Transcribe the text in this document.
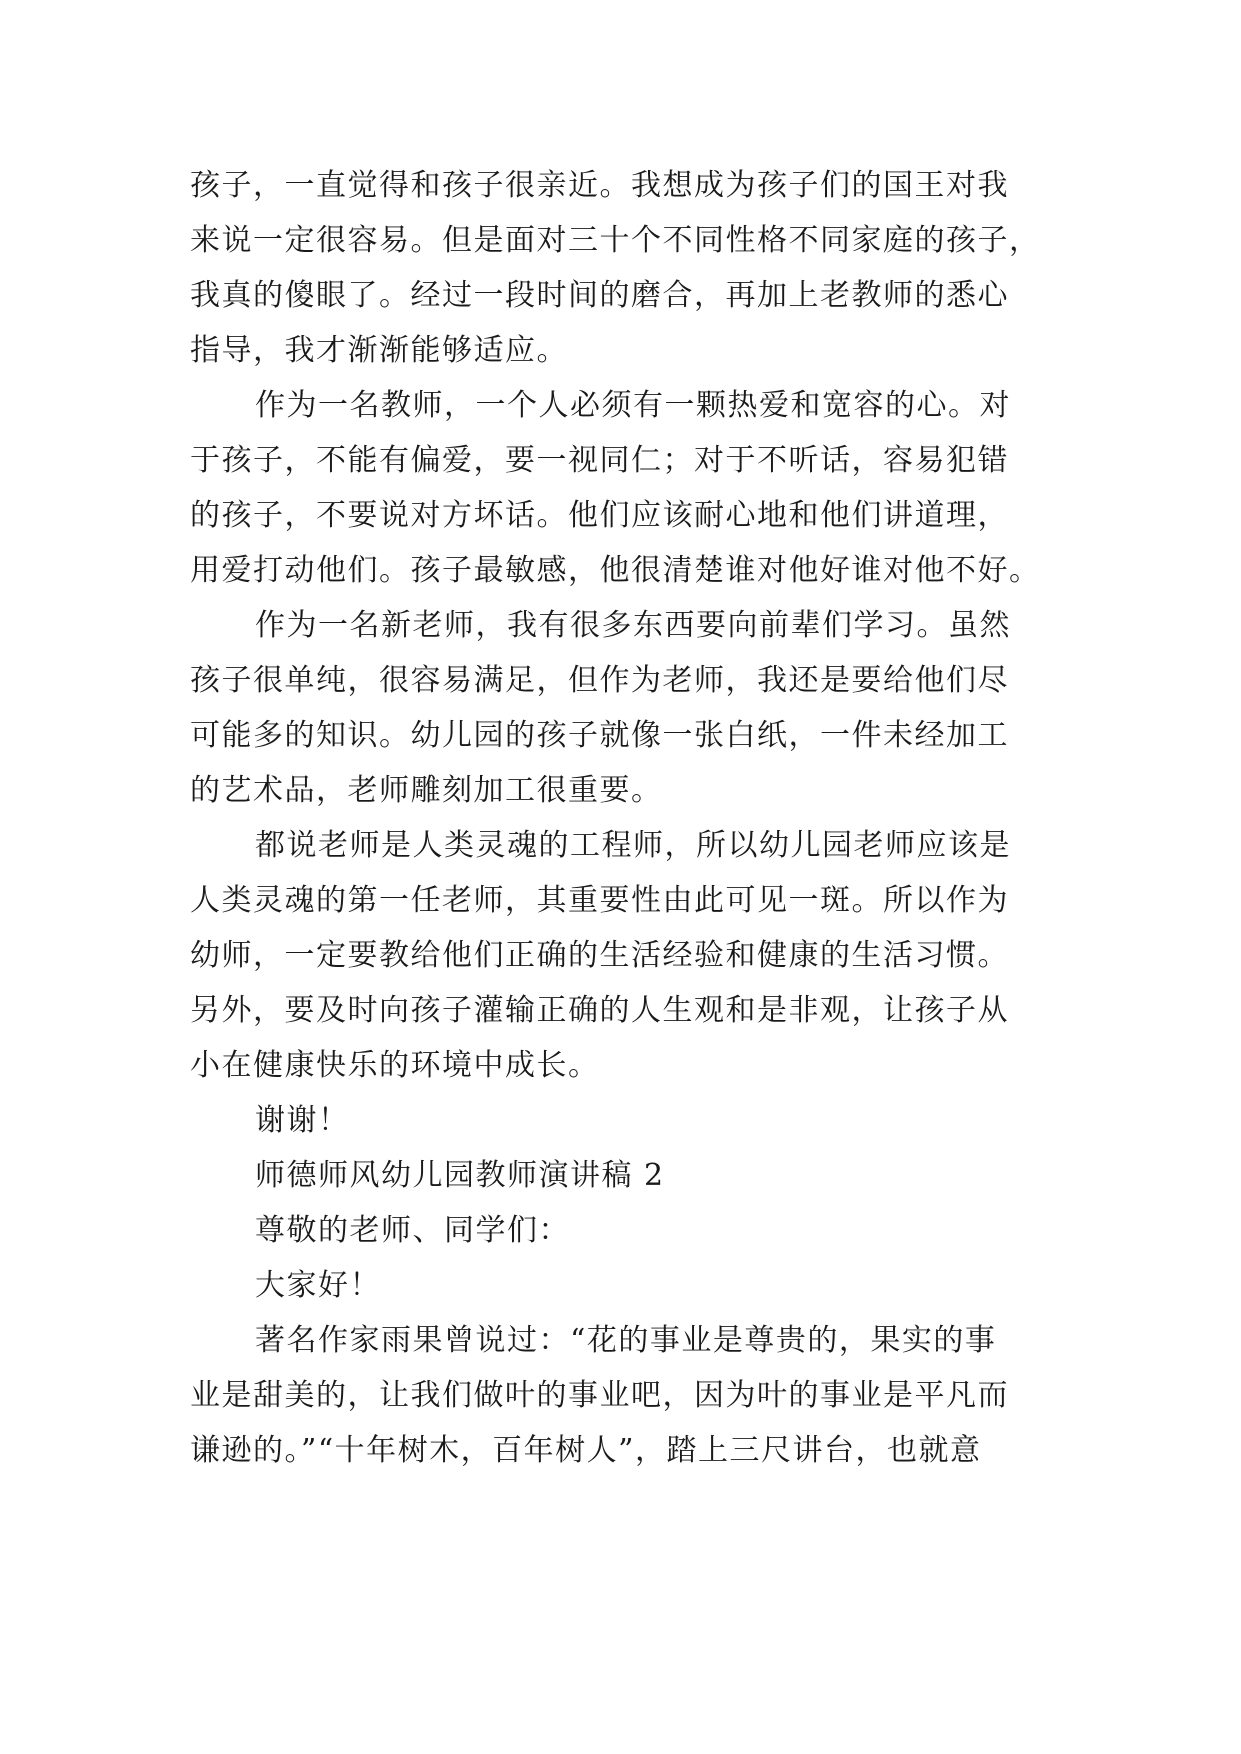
孩子，一直觉得和孩子很亲近。我想成为孩子们的国王对我
来说一定很容易。但是面对三十个不同性格不同家庭的孩子，
我真的傻眼了。经过一段时间的磨合，再加上老教师的悉心
指导，我才渐渐能够适应。
作为一名教师，一个人必须有一颗热爱和宽容的心。对
于孩子，不能有偏爱，要一视同仁；对于不听话，容易犯错
的孩子，不要说对方坏话。他们应该耐心地和他们讲道理，
用爱打动他们。孩子最敏感，他很清楚谁对他好谁对他不好。
作为一名新老师，我有很多东西要向前辈们学习。虽然
孩子很单纯，很容易满足，但作为老师，我还是要给他们尽
可能多的知识。幼儿园的孩子就像一张白纸，一件未经加工
的艺术品，老师雕刻加工很重要。
都说老师是人类灵魂的工程师，所以幼儿园老师应该是
人类灵魂的第一任老师，其重要性由此可见一斑。所以作为
幼师，一定要教给他们正确的生活经验和健康的生活习惯。
另外，要及时向孩子灌输正确的人生观和是非观，让孩子从
小在健康快乐的环境中成长。
谢谢！
师德师风幼儿园教师演讲稿 2
尊敬的老师、同学们：
大家好！
著名作家雨果曾说过：“花的事业是尊贵的，果实的事
业是甜美的，让我们做叶的事业吧，因为叶的事业是平凡而
谦逊的。”“十年树木，百年树人”，踏上三尺讲台，也就意
